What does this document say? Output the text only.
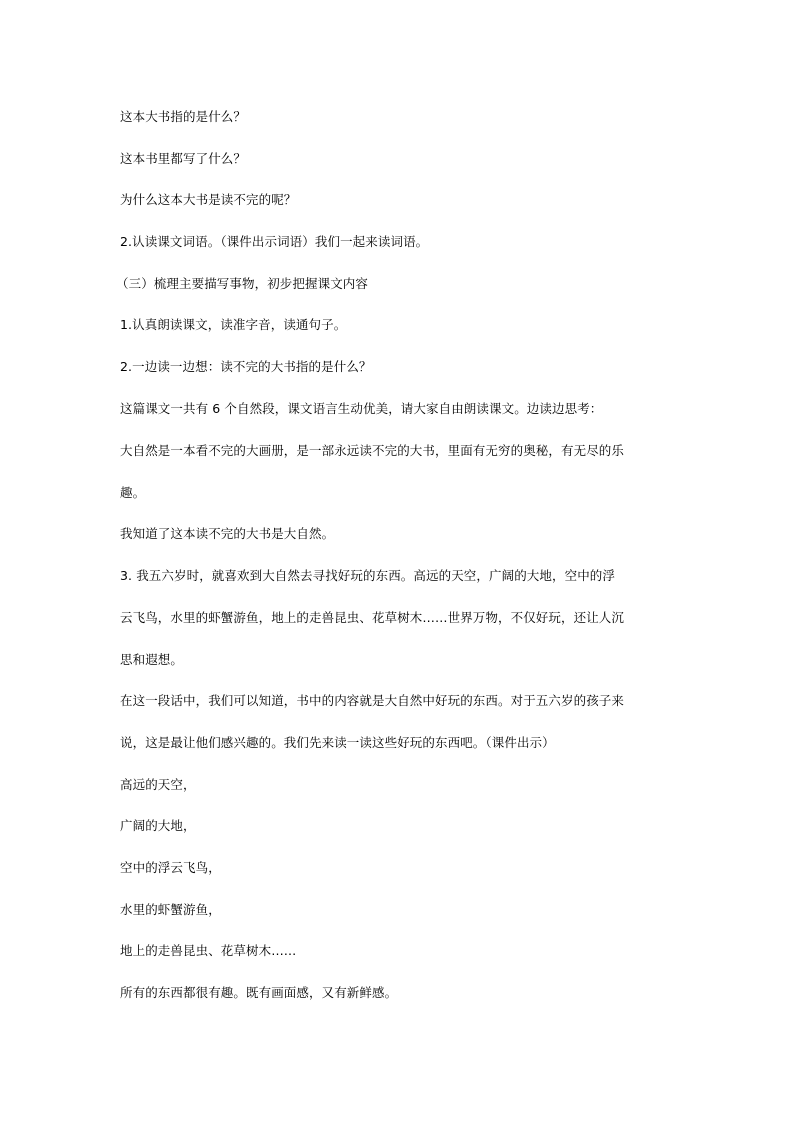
这本大书指的是什么？
这本书里都写了什么？
为什么这本大书是读不完的呢？
2.认读课文词语。（课件出示词语）我们一起来读词语。
（三）梳理主要描写事物，初步把握课文内容
1.认真朗读课文，读准字音，读通句子。
2.一边读一边想：读不完的大书指的是什么？
这篇课文一共有 6 个自然段，课文语言生动优美，请大家自由朗读课文。边读边思考：
大自然是一本看不完的大画册，是一部永远读不完的大书，里面有无穷的奥秘，有无尽的乐
趣。
我知道了这本读不完的大书是大自然。
3. 我五六岁时，就喜欢到大自然去寻找好玩的东西。高远的天空，广阔的大地，空中的浮
云飞鸟，水里的虾蟹游鱼，地上的走兽昆虫、花草树木……世界万物，不仅好玩，还让人沉
思和遐想。
在这一段话中，我们可以知道，书中的内容就是大自然中好玩的东西。对于五六岁的孩子来
说，这是最让他们感兴趣的。我们先来读一读这些好玩的东西吧。（课件出示）
高远的天空，
广阔的大地，
空中的浮云飞鸟，
水里的虾蟹游鱼，
地上的走兽昆虫、花草树木……
所有的东西都很有趣。既有画面感，又有新鲜感。
